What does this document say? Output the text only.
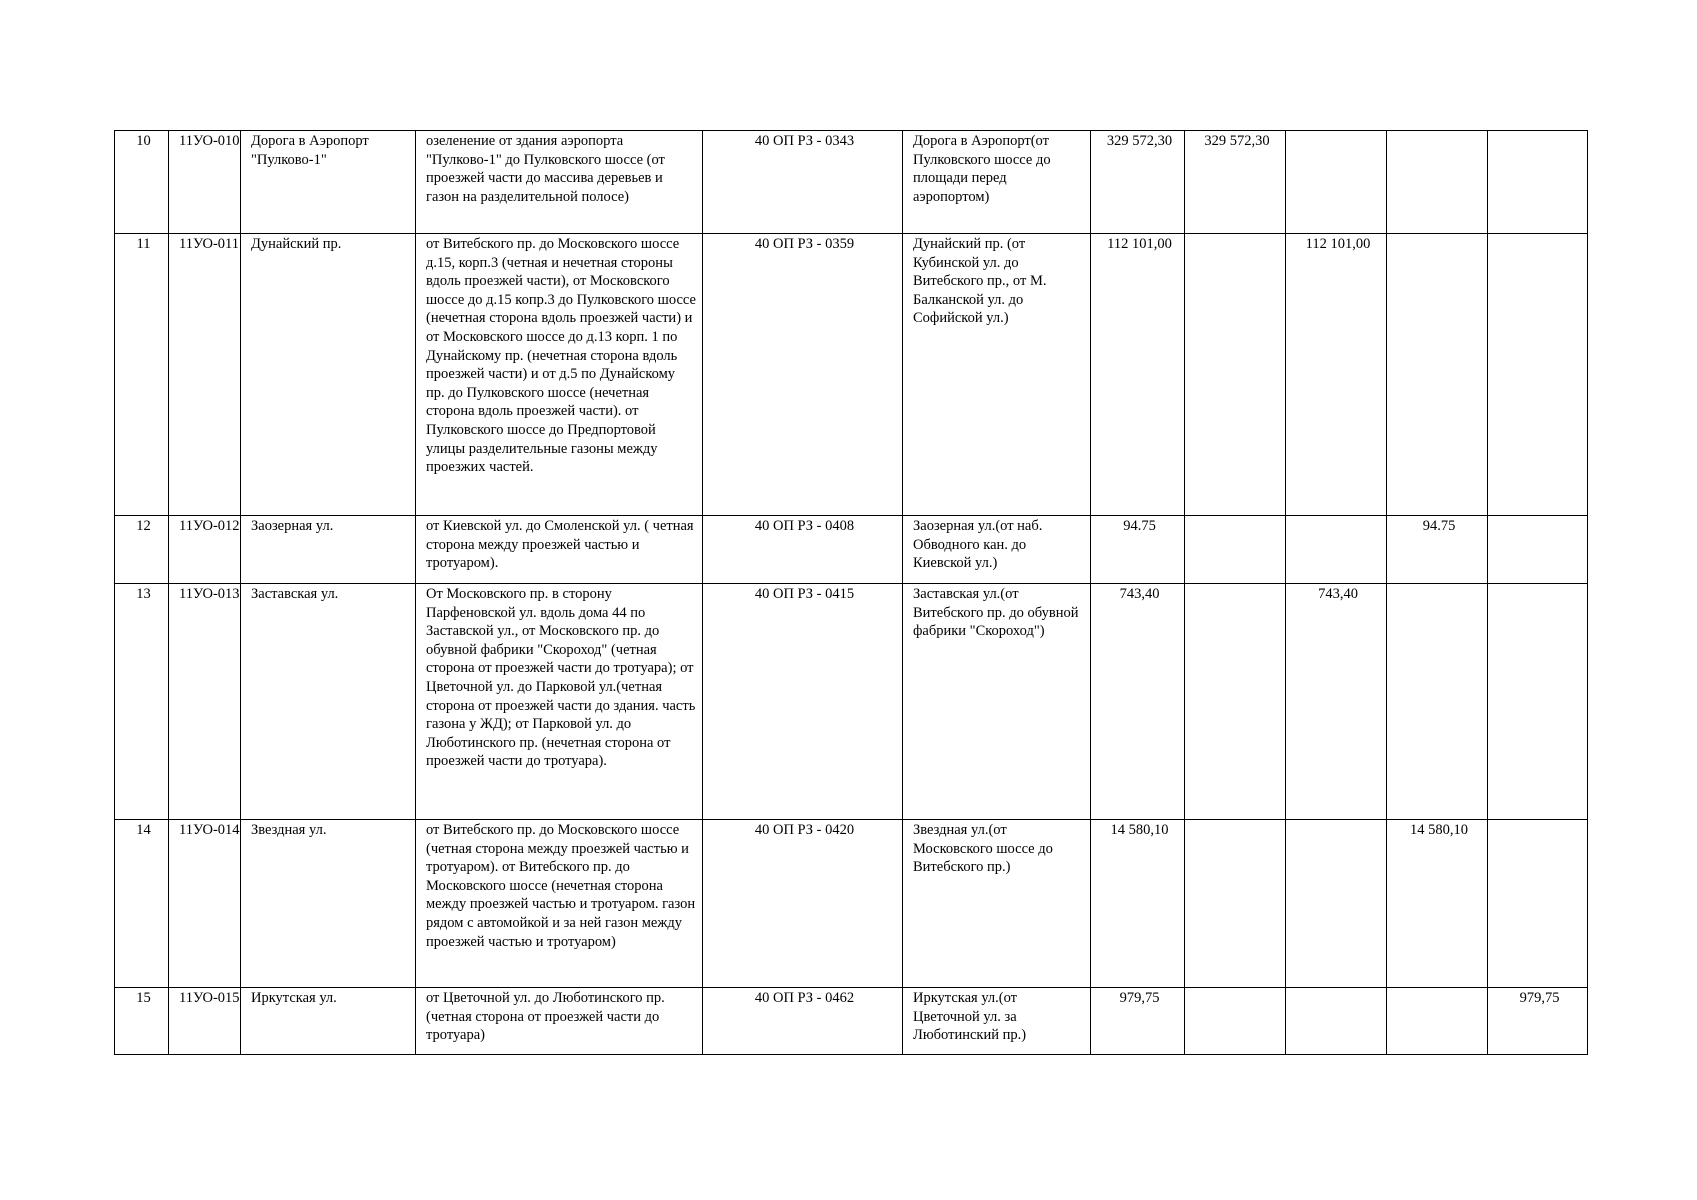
10	11УО-010	Дорога в Аэропорт "Пулково-1"	озеленение от здания аэропорта "Пулково-1" до Пулковского шоссе (от проезжей части до массива деревьев и газон на разделительной полосе)	40 ОП РЗ - 0343	Дорога в Аэропорт(от Пулковского шоссе до площади перед аэропортом)	329 572,30	329 572,30			
11	11УО-011	Дунайский пр.	от Витебского пр. до Московского шоссе д.15, корп.3 (четная и нечетная стороны вдоль проезжей части), от Московского шоссе до д.15 копр.3 до Пулковского шоссе (нечетная сторона вдоль проезжей части) и от Московского шоссе до д.13 корп. 1 по Дунайскому пр. (нечетная сторона вдоль проезжей части) и от д.5 по Дунайскому пр. до Пулковского шоссе (нечетная сторона вдоль проезжей части). от Пулковского шоссе до Предпортовой улицы разделительные газоны между проезжих частей.	40 ОП РЗ - 0359	Дунайский пр. (от Кубинской ул. до Витебского пр., от М. Балканской ул. до Софийской ул.)	112 101,00		112 101,00		
12	11УО-012	Заозерная ул.	от Киевской ул. до Смоленской ул. ( четная сторона между проезжей частью и тротуаром).	40 ОП РЗ - 0408	Заозерная ул.(от наб. Обводного кан. до Киевской ул.)	94.75			94.75	
13	11УО-013	Заставская ул.	От Московского пр. в сторону Парфеновской ул. вдоль дома 44 по Заставской ул., от Московского пр. до обувной фабрики "Скороход" (четная сторона от проезжей части до тротуара); от Цветочной ул. до Парковой ул.(четная сторона от проезжей части до здания. часть газона у ЖД); от Парковой ул. до Люботинского пр. (нечетная сторона от проезжей части до тротуара).	40 ОП РЗ - 0415	Заставская ул.(от Витебского пр. до обувной фабрики "Скороход")	743,40		743,40		
14	11УО-014	Звездная ул.	от Витебского пр. до Московского шоссе (четная сторона между проезжей частью и тротуаром). от Витебского пр. до Московского шоссе (нечетная сторона между проезжей частью и тротуаром. газон рядом с автомойкой и за ней газон между проезжей частью и тротуаром)	40 ОП РЗ - 0420	Звездная ул.(от Московского шоссе до Витебского пр.)	14 580,10			14 580,10	
15	11УО-015	Иркутская ул.	от Цветочной ул. до Люботинского пр. (четная сторона от проезжей части до тротуара)	40 ОП РЗ - 0462	Иркутская ул.(от Цветочной ул. за Люботинский пр.)	979,75				979,75
